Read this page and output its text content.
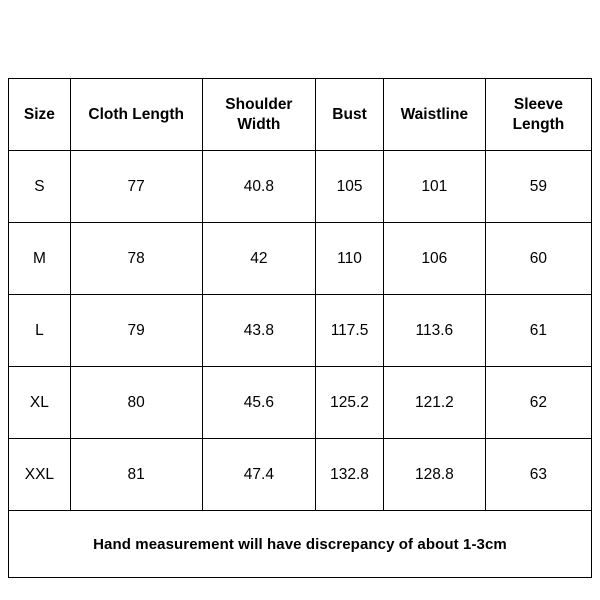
Size	Cloth Length	Shoulder Width	Bust	Waistline	Sleeve Length
S	77	40.8	105	101	59
M	78	42	110	106	60
L	79	43.8	117.5	113.6	61
XL	80	45.6	125.2	121.2	62
XXL	81	47.4	132.8	128.8	63
Hand measurement will have discrepancy of about 1-3cm					
